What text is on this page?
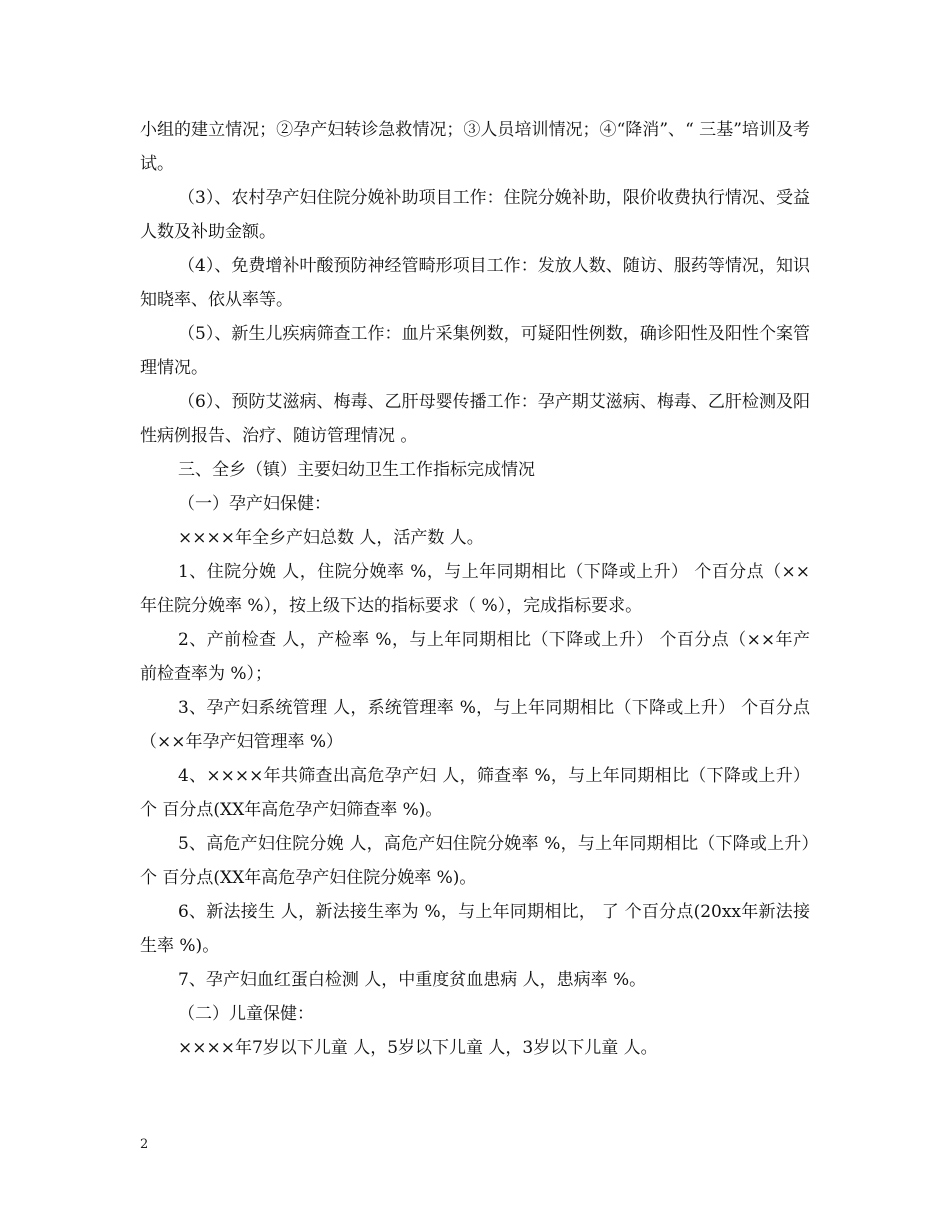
小组的建立情况；②孕产妇转诊急救情况；③人员培训情况；④“降消”、“ 三基”培训及考试。

（3）、农村孕产妇住院分娩补助项目工作：住院分娩补助，限价收费执行情况、受益人数及补助金额。

（4）、免费增补叶酸预防神经管畸形项目工作：发放人数、随访、服药等情况，知识知晓率、依从率等。

（5）、新生儿疾病筛查工作：血片采集例数，可疑阳性例数，确诊阳性及阳性个案管理情况。

（6）、预防艾滋病、梅毒、乙肝母婴传播工作：孕产期艾滋病、梅毒、乙肝检测及阳性病例报告、治疗、随访管理情况 。

三、全乡（镇）主要妇幼卫生工作指标完成情况

（一）孕产妇保健：

××××年全乡产妇总数 人，活产数 人。

1、住院分娩 人，住院分娩率 %，与上年同期相比（下降或上升） 个百分点（××年住院分娩率 %），按上级下达的指标要求（ %），完成指标要求。

2、产前检查 人，产检率 %，与上年同期相比（下降或上升） 个百分点（××年产前检查率为 %）；

3、孕产妇系统管理 人，系统管理率 %，与上年同期相比（下降或上升） 个百分点（××年孕产妇管理率 %）

4、××××年共筛查出高危孕产妇 人，筛查率 %，与上年同期相比（下降或上升）个 百分点(XX年高危孕产妇筛查率 %)。

5、高危产妇住院分娩 人，高危产妇住院分娩率 %，与上年同期相比（下降或上升）个 百分点(XX年高危孕产妇住院分娩率 %)。

6、新法接生 人，新法接生率为 %，与上年同期相比， 了 个百分点(20xx年新法接生率 %)。

7、孕产妇血红蛋白检测 人，中重度贫血患病 人，患病率 %。

（二）儿童保健：

××××年7岁以下儿童 人，5岁以下儿童 人，3岁以下儿童 人。

2
